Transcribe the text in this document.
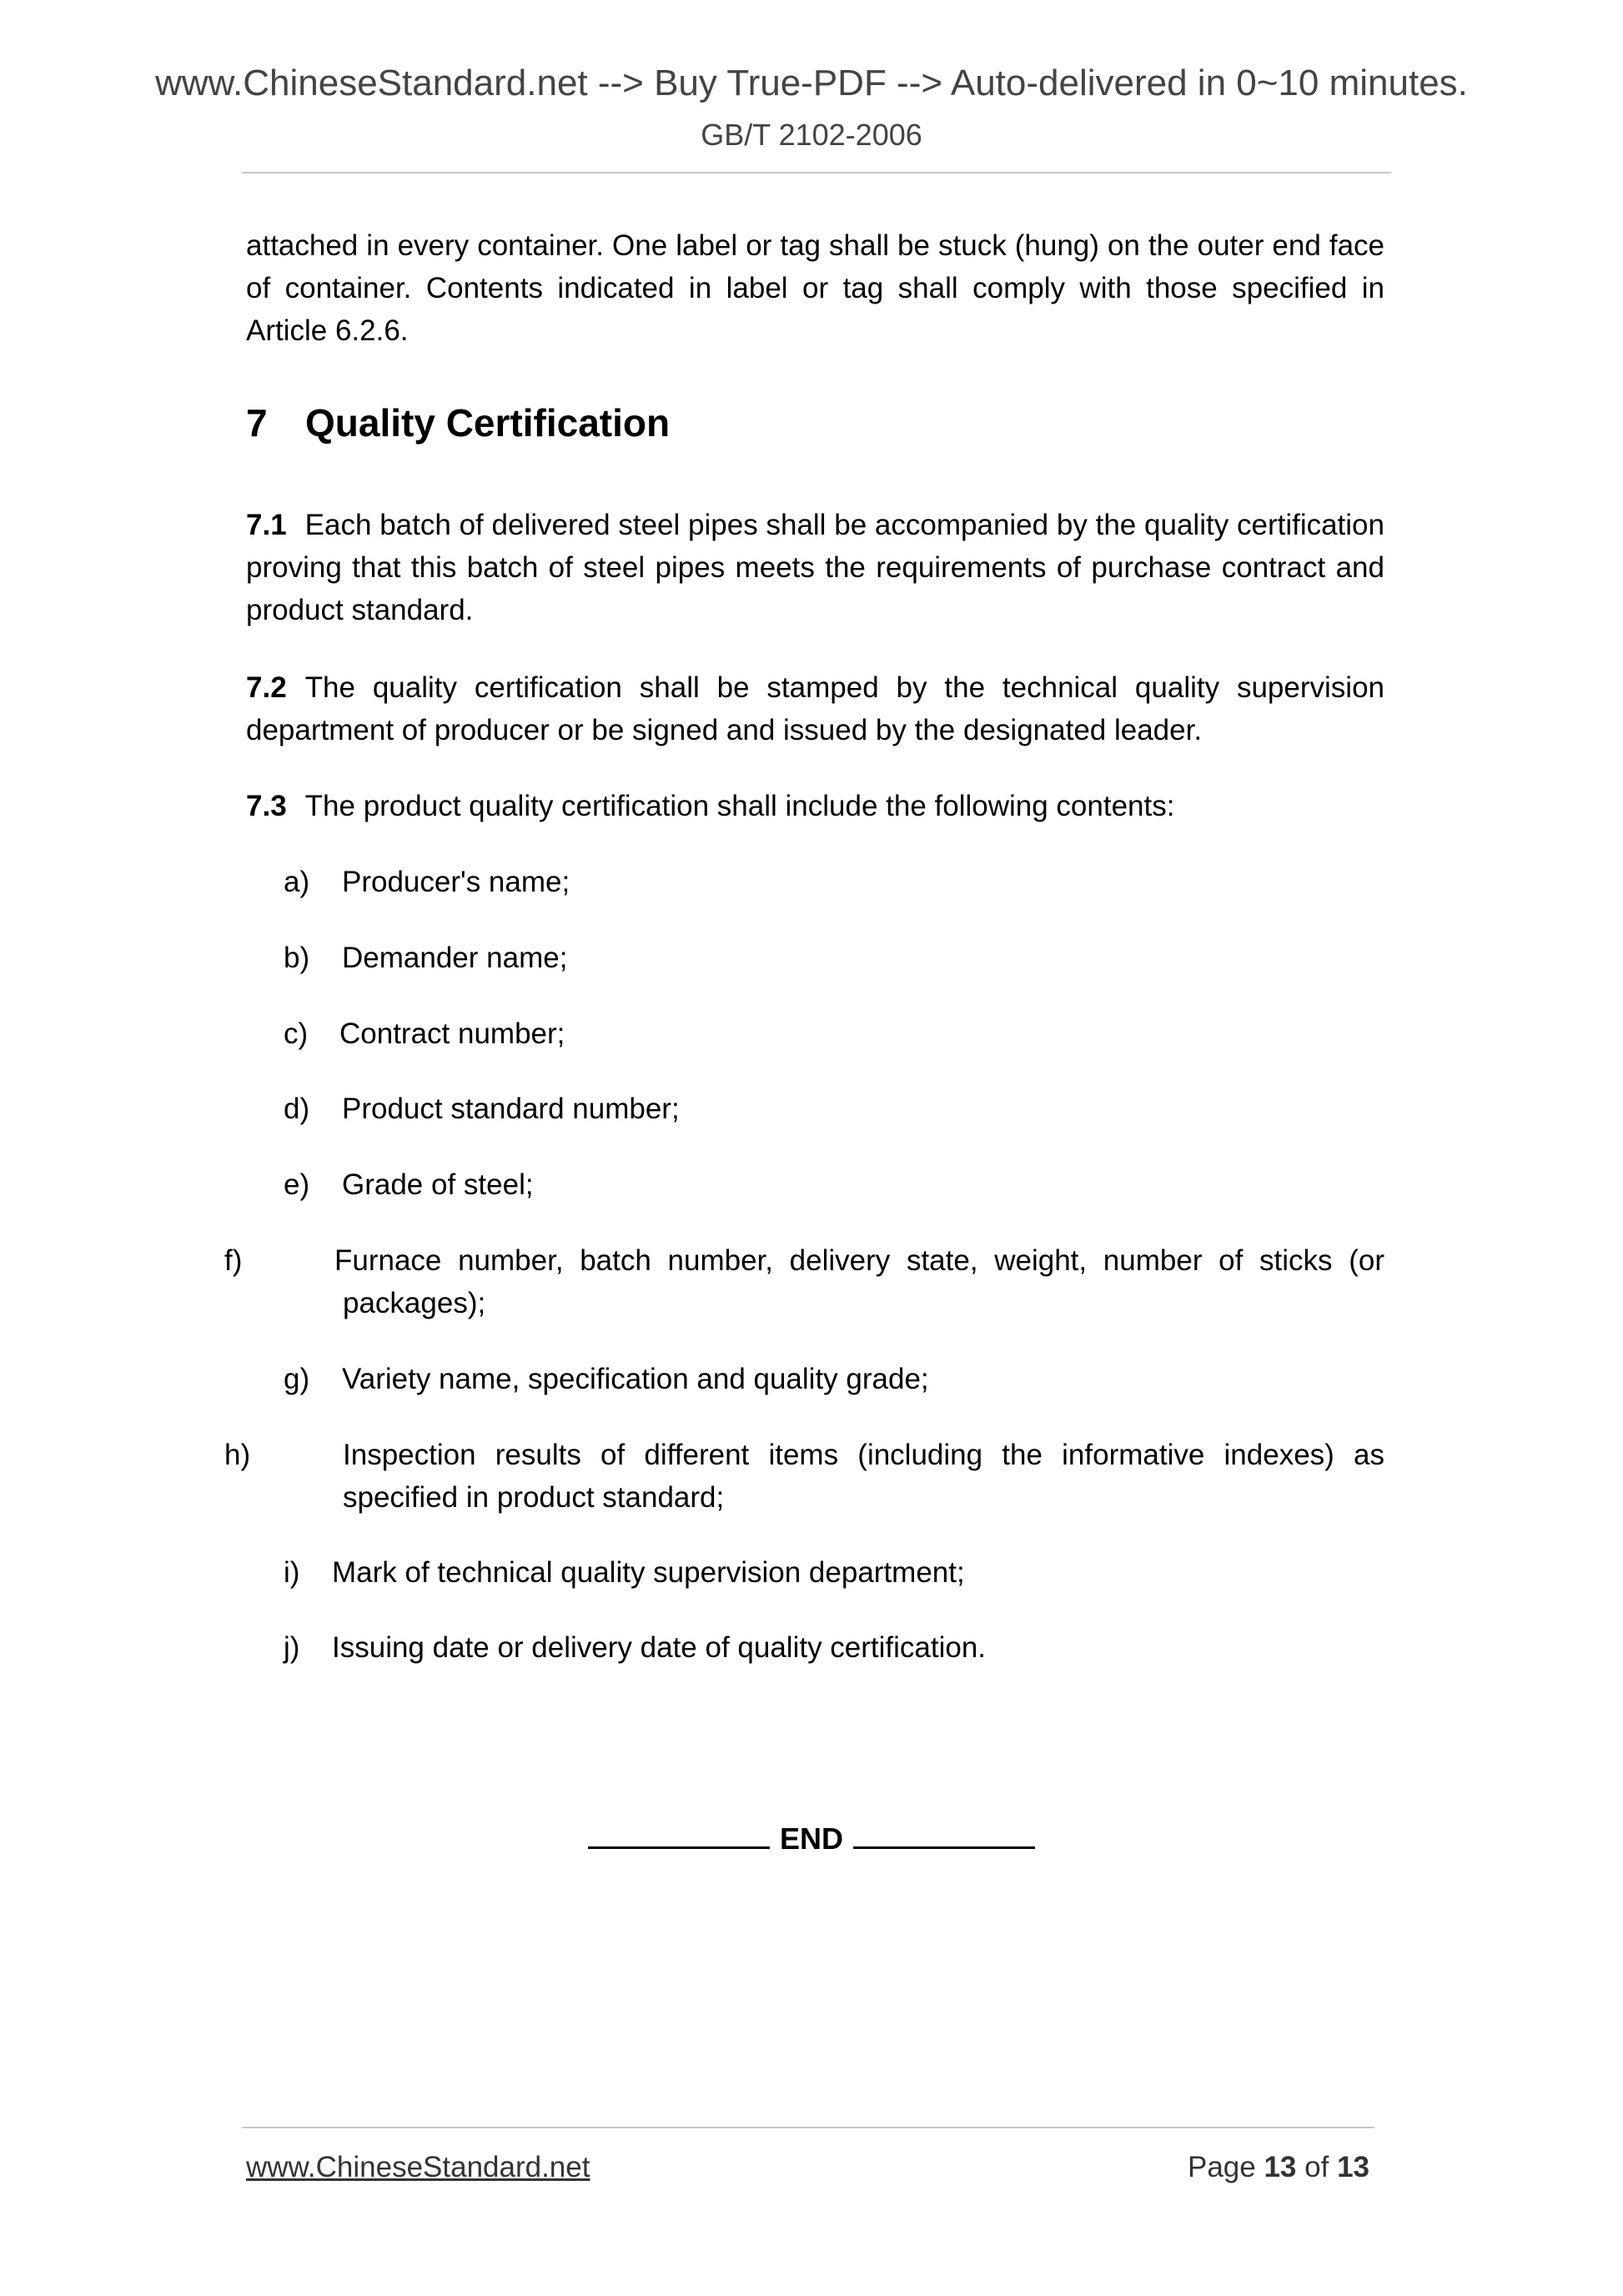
www.ChineseStandard.net --> Buy True-PDF --> Auto-delivered in 0~10 minutes.
GB/T 2102-2006
attached in every container. One label or tag shall be stuck (hung) on the outer end face of container. Contents indicated in label or tag shall comply with those specified in Article 6.2.6.
7 Quality Certification
7.1 Each batch of delivered steel pipes shall be accompanied by the quality certification proving that this batch of steel pipes meets the requirements of purchase contract and product standard.
7.2 The quality certification shall be stamped by the technical quality supervision department of producer or be signed and issued by the designated leader.
7.3 The product quality certification shall include the following contents:
a) Producer's name;
b) Demander name;
c) Contract number;
d) Product standard number;
e) Grade of steel;
f)	Furnace number, batch number, delivery state, weight, number of sticks (or packages);
g) Variety name, specification and quality grade;
h)	Inspection results of different items (including the informative indexes) as specified in product standard;
i) Mark of technical quality supervision department;
j) Issuing date or delivery date of quality certification.
END
www.ChineseStandard.net	Page 13 of 13
